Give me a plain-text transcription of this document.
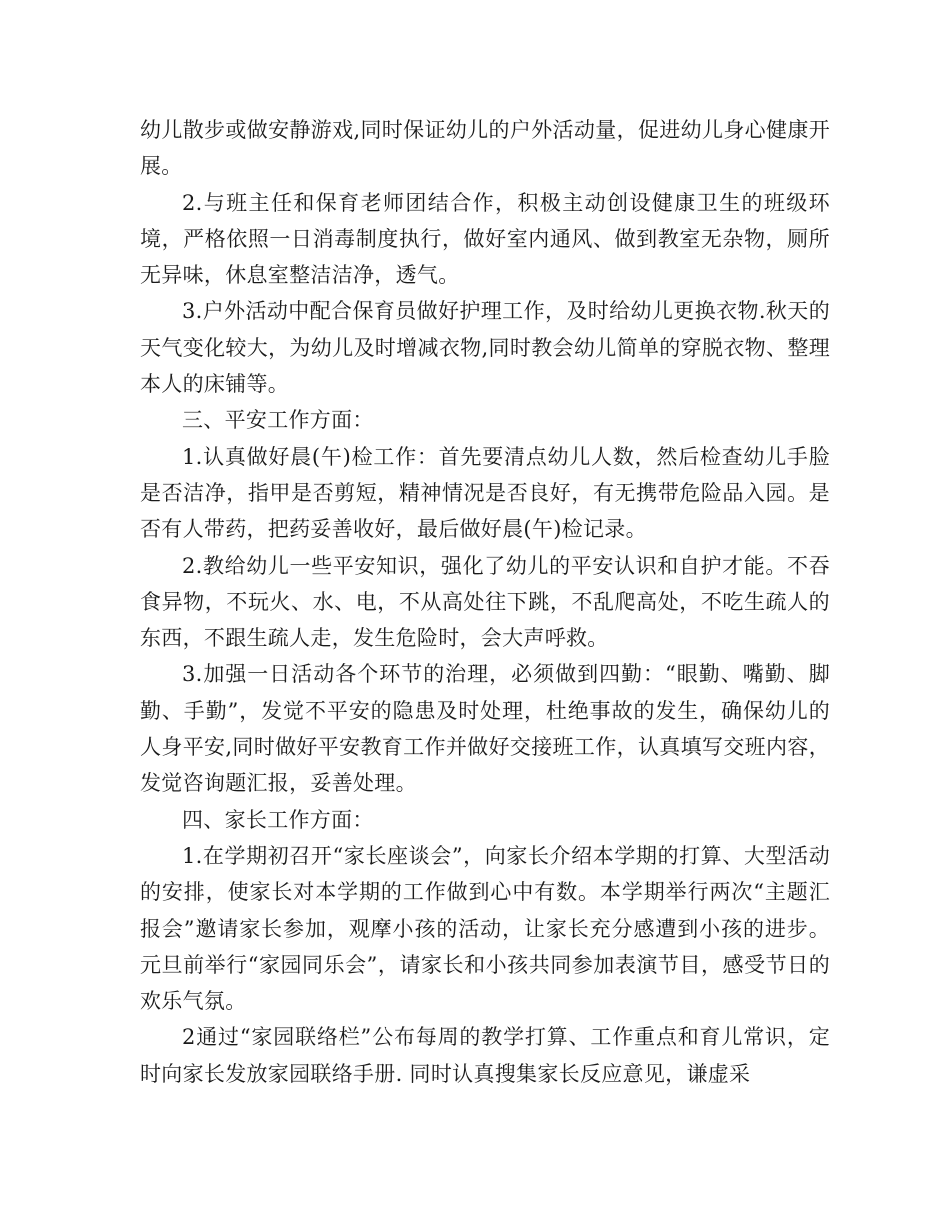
幼儿散步或做安静游戏,同时保证幼儿的户外活动量，促进幼儿身心健康开展。

2.与班主任和保育老师团结合作，积极主动创设健康卫生的班级环境，严格依照一日消毒制度执行，做好室内通风、做到教室无杂物，厕所无异味，休息室整洁洁净，透气。

3.户外活动中配合保育员做好护理工作，及时给幼儿更换衣物.秋天的天气变化较大，为幼儿及时增减衣物,同时教会幼儿简单的穿脱衣物、整理本人的床铺等。

三、平安工作方面：

1.认真做好晨(午)检工作：首先要清点幼儿人数，然后检查幼儿手脸是否洁净，指甲是否剪短，精神情况是否良好，有无携带危险品入园。是否有人带药，把药妥善收好，最后做好晨(午)检记录。

2.教给幼儿一些平安知识，强化了幼儿的平安认识和自护才能。不吞食异物，不玩火、水、电，不从高处往下跳，不乱爬高处，不吃生疏人的东西，不跟生疏人走，发生危险时，会大声呼救。

3.加强一日活动各个环节的治理，必须做到四勤：“眼勤、嘴勤、脚勤、手勤”，发觉不平安的隐患及时处理，杜绝事故的发生，确保幼儿的人身平安,同时做好平安教育工作并做好交接班工作，认真填写交班内容，发觉咨询题汇报，妥善处理。

四、家长工作方面：

1.在学期初召开“家长座谈会”，向家长介绍本学期的打算、大型活动的安排，使家长对本学期的工作做到心中有数。本学期举行两次“主题汇报会”邀请家长参加，观摩小孩的活动，让家长充分感遭到小孩的进步。元旦前举行“家园同乐会”，请家长和小孩共同参加表演节目，感受节日的欢乐气氛。

2通过“家园联络栏”公布每周的教学打算、工作重点和育儿常识，定时向家长发放家园联络手册. 同时认真搜集家长反应意见，谦虚采
